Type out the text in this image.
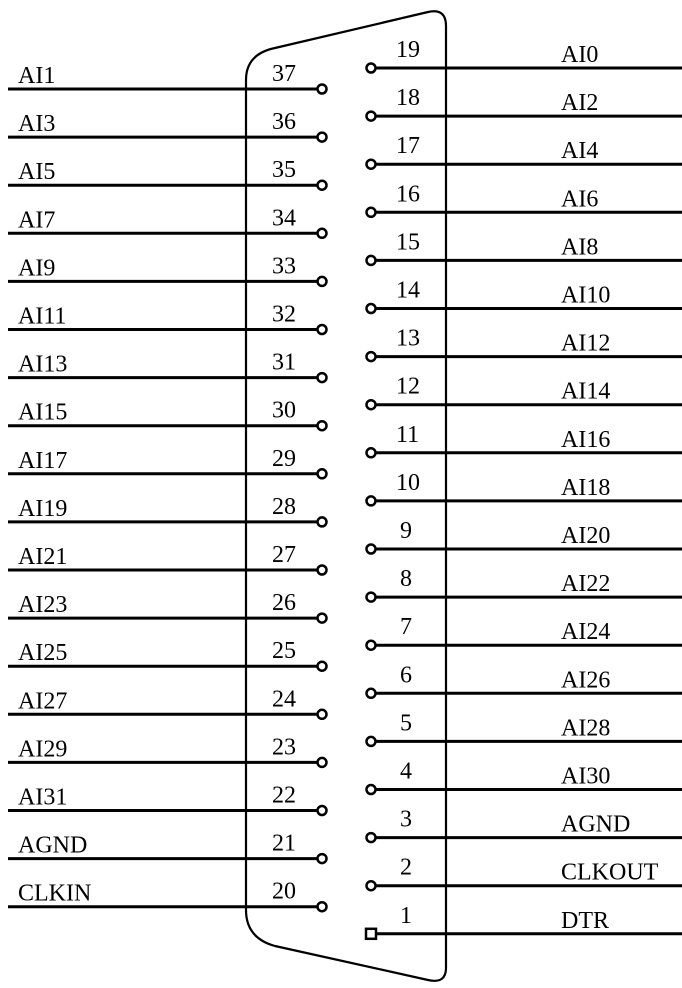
AI1	37
AI3	36
AI5	35
AI7	34
AI9	33
AI11	32
AI13	31
AI15	30
AI17	29
AI19	28
AI21	27
AI23	26
AI25	25
AI27	24
AI29	23
AI31	22
AGND	21
CLKIN	20
19	AI0
18	AI2
17	AI4
16	AI6
15	AI8
14	AI10
13	AI12
12	AI14
11	AI16
10	AI18
9	AI20
8	AI22
7	AI24
6	AI26
5	AI28
4	AI30
3	AGND
2	CLKOUT
1	DTR
